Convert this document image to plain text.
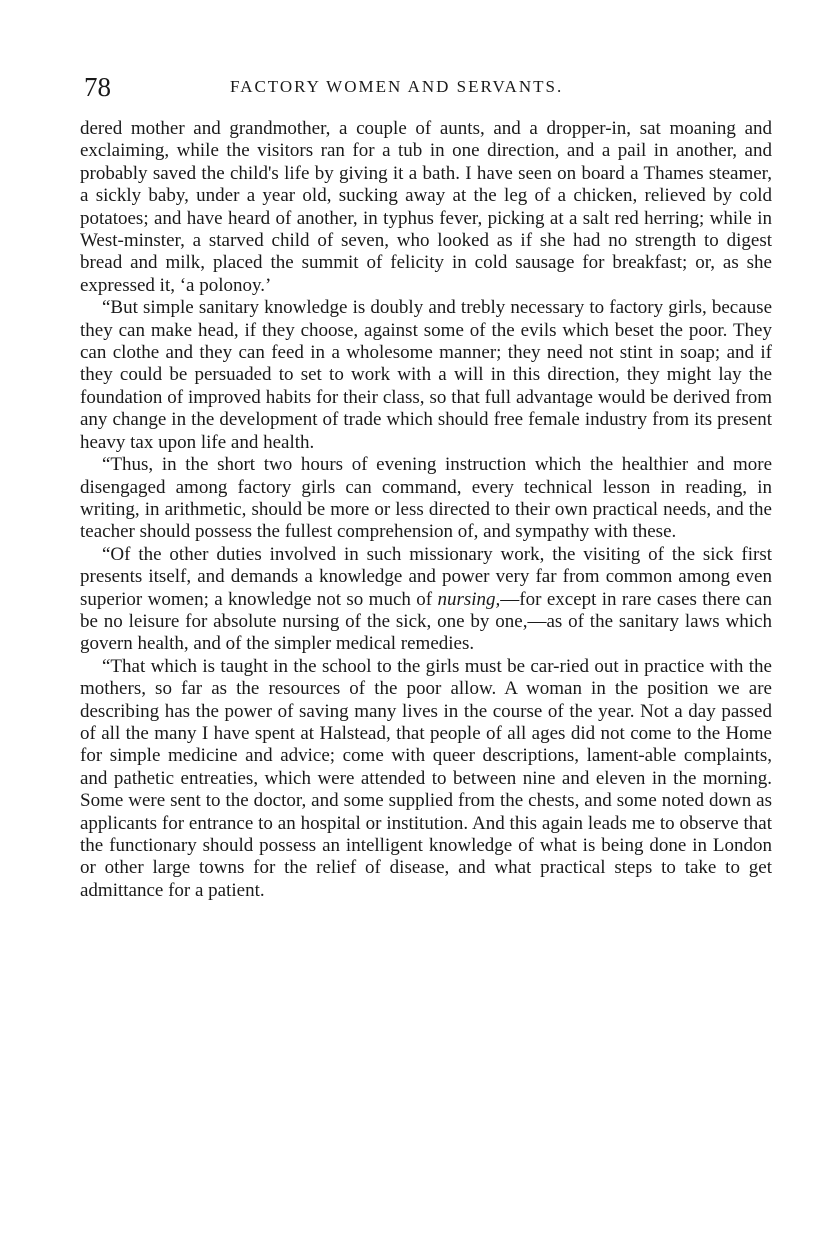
78	FACTORY WOMEN AND SERVANTS.

dered mother and grandmother, a couple of aunts, and a dropper-in, sat moaning and exclaiming, while the visitors ran for a tub in one direction, and a pail in another, and probably saved the child's life by giving it a bath. I have seen on board a Thames steamer, a sickly baby, under a year old, sucking away at the leg of a chicken, relieved by cold potatoes; and have heard of another, in typhus fever, picking at a salt red herring; while in West-minster, a starved child of seven, who looked as if she had no strength to digest bread and milk, placed the summit of felicity in cold sausage for breakfast; or, as she expressed it, ‘a polonoy.’

“But simple sanitary knowledge is doubly and trebly necessary to factory girls, because they can make head, if they choose, against some of the evils which beset the poor. They can clothe and they can feed in a wholesome manner; they need not stint in soap; and if they could be persuaded to set to work with a will in this direction, they might lay the foundation of improved habits for their class, so that full advantage would be derived from any change in the development of trade which should free female industry from its present heavy tax upon life and health.

“Thus, in the short two hours of evening instruction which the healthier and more disengaged among factory girls can command, every technical lesson in reading, in writing, in arithmetic, should be more or less directed to their own practical needs, and the teacher should possess the fullest comprehension of, and sympathy with these.

“Of the other duties involved in such missionary work, the visiting of the sick first presents itself, and demands a knowledge and power very far from common among even superior women; a knowledge not so much of nursing,—for except in rare cases there can be no leisure for absolute nursing of the sick, one by one,—as of the sanitary laws which govern health, and of the simpler medical remedies.

“That which is taught in the school to the girls must be car-ried out in practice with the mothers, so far as the resources of the poor allow. A woman in the position we are describing has the power of saving many lives in the course of the year. Not a day passed of all the many I have spent at Halstead, that people of all ages did not come to the Home for simple medicine and advice; come with queer descriptions, lament-able complaints, and pathetic entreaties, which were attended to between nine and eleven in the morning. Some were sent to the doctor, and some supplied from the chests, and some noted down as applicants for entrance to an hospital or institution. And this again leads me to observe that the functionary should possess an intelligent knowledge of what is being done in London or other large towns for the relief of disease, and what practical steps to take to get admittance for a patient.
